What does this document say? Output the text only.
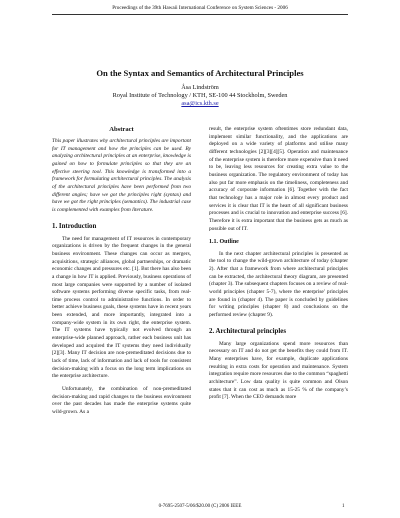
Proceedings of the 39th Hawaii International Conference on System Sciences - 2006
On the Syntax and Semantics of Architectural Principles
Åsa Lindström
Royal Institute of Technology / KTH, SE-100 44 Stockholm, Sweden
asa@ics.kth.se
Abstract

This paper illustrates why architectural principles are important for IT management and how the principles can be used. By analyzing architectural principles at an enterprise, knowledge is gained on how to formulate principles so that they are an effective steering tool. This knowledge is transformed into a framework for formulating architectural principles. The analysis of the architectural principles have been performed from two different angles; have we got the principles right (syntax) and have we got the right principles (semantics). The industrial case is complemented with examples from literature.

1. Introduction

The need for management of IT resources in contemporary organizations is driven by the frequent changes in the general business environment. These changes can occur as mergers, acquisitions, strategic alliances, global partnerships, or dramatic economic changes and pressures etc. [1]. But there has also been a change in how IT is applied. Previously, business operations of most large companies were supported by a number of isolated software systems performing diverse specific tasks, from real-time process control to administrative functions. In order to better achieve business goals, these systems have in recent years been extended, and more importantly, integrated into a company-wide system in its own right, the enterprise system. The IT systems have typically not evolved through an enterprise-wide planned approach, rather each business unit has developed and acquired the IT systems they need individually [2][3]. Many IT decision are non-premeditated decisions due to lack of time, lack of information and lack of tools for consistent decision-making with a focus on the long term implications on the enterprise architecture.

Unfortunately, the combination of non-premeditated decision-making and rapid changes to the business environment over the past decades has made the enterprise systems quite wild-grown. As a

result, the enterprise system oftentimes store redundant data, implement similar functionality, and the applications are deployed on a wide variety of platforms and utilise many different technologies [2][3][4][5]. Operation and maintenance of the enterprise system is therefore more expensive than it need to be, leaving less resources for creating extra value to the business organization. The regulatory environment of today has also put far more emphasis on the timeliness, completeness and accuracy of corporate information [6]. Together with the fact that technology has a major role in almost every product and services it is clear that IT is the heart of all significant business processes and is crucial to innovation and enterprise success [6]. Therefore it is extra important that the business gets as much as possible out of IT.

1.1. Outline

In the next chapter architectural principles is presented as the tool to change the wild-grown architecture of today (chapter 2). After that a framework from where architectural principles can be extracted, the architectural theory diagram, are presented (chapter 3). The subsequent chapters focuses on a review of real-world principles (chapter 5-7), where the enterprise' principles are found in (chapter 4). The paper is concluded by guidelines for writing principles (chapter 8) and conclusions on the performed review (chapter 9).

2. Architectural principles

Many large organizations spend more resources than necessary on IT and do not get the benefits they could from IT. Many enterprises have, for example, duplicate applications resulting in extra costs for operation and maintenance. System integration require more resources due to the common “spaghetti architecture”. Low data quality is quite common and Olson states that it can cost as much as 15-25 % of the company’s profit [7]. When the CEO demands more

0-7695-2507-5/06/$20.00 (C) 2006 IEEE	1
